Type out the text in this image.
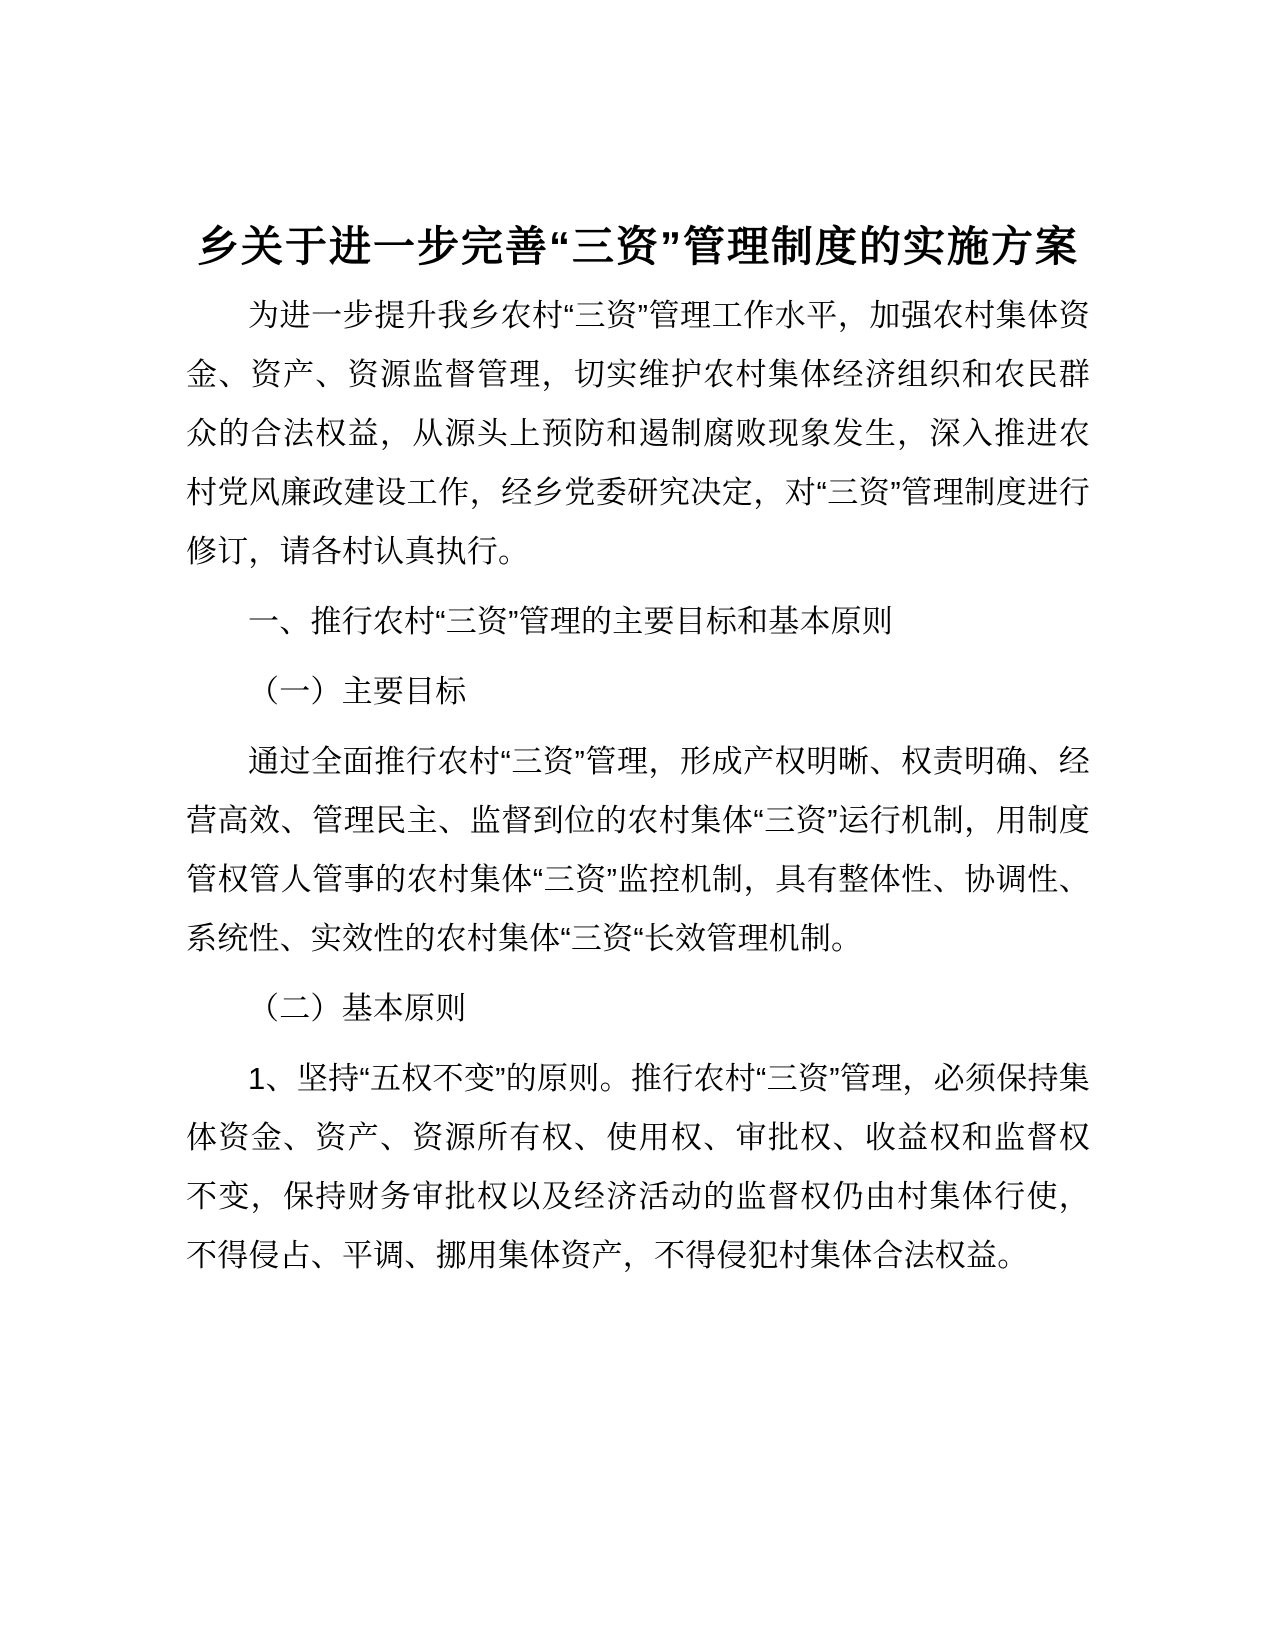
乡关于进一步完善“三资”管理制度的实施方案

为进一步提升我乡农村“三资”管理工作水平，加强农村集体资金、资产、资源监督管理，切实维护农村集体经济组织和农民群众的合法权益，从源头上预防和遏制腐败现象发生，深入推进农村党风廉政建设工作，经乡党委研究决定，对“三资”管理制度进行修订，请各村认真执行。

一、推行农村“三资”管理的主要目标和基本原则

（一）主要目标

通过全面推行农村“三资”管理，形成产权明晰、权责明确、经营高效、管理民主、监督到位的农村集体“三资”运行机制，用制度管权管人管事的农村集体“三资”监控机制，具有整体性、协调性、系统性、实效性的农村集体“三资“长效管理机制。

（二）基本原则

1、坚持“五权不变”的原则。推行农村“三资”管理，必须保持集体资金、资产、资源所有权、使用权、审批权、收益权和监督权不变，保持财务审批权以及经济活动的监督权仍由村集体行使，不得侵占、平调、挪用集体资产，不得侵犯村集体合法权益。
